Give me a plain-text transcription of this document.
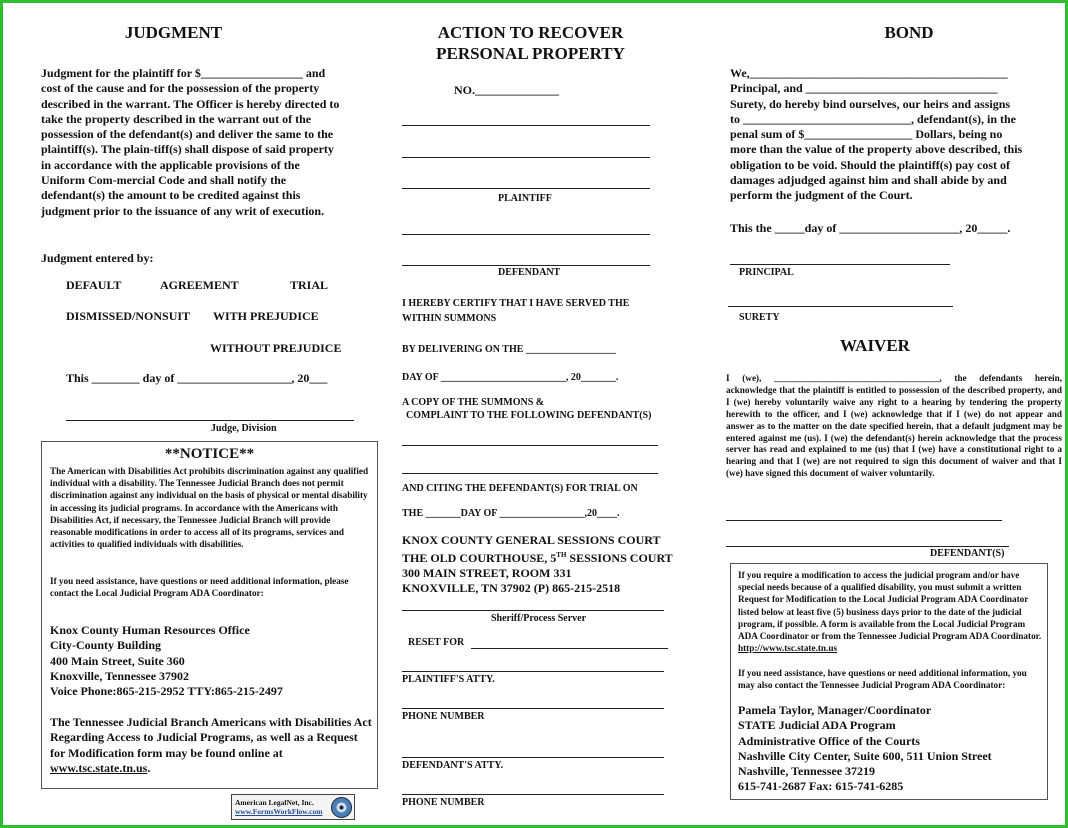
JUDGMENT
Judgment for the plaintiff for $_________________ and cost of the cause and for the possession of the property described in the warrant. The Officer is hereby directed to take the property described in the warrant out of the possession of the defendant(s) and deliver the same to the plaintiff(s). The plain-tiff(s) shall dispose of said property in accordance with the applicable provisions of the Uniform Com-mercial Code and shall notify the defendant(s) the amount to be credited against this judgment prior to the issuance of any writ of execution.
Judgment entered by:
DEFAULT	AGREEMENT	TRIAL
DISMISSED/NONSUIT WITH PREJUDICE
WITHOUT PREJUDICE
This ________ day of ___________________, 20___
Judge, Division
**NOTICE**
The American with Disabilities Act prohibits discrimination against any qualified individual with a disability. The Tennessee Judicial Branch does not permit discrimination against any individual on the basis of physical or mental disability in accessing its judicial programs. In accordance with the Americans with Disabilities Act, if necessary, the Tennessee Judicial Branch will provide reasonable modifications in order to access all of its programs, services and activities to qualified individuals with disabilities.
If you need assistance, have questions or need additional information, please contact the Local Judicial Program ADA Coordinator:
Knox County Human Resources Office
City-County Building
400 Main Street, Suite 360
Knoxville, Tennessee 37902
Voice Phone:865-215-2952 TTY:865-215-2497
The Tennessee Judicial Branch Americans with Disabilities Act Regarding Access to Judicial Programs, as well as a Request for Modification form may be found online at www.tsc.state.tn.us.
American LegalNet, Inc.
www.FormsWorkFlow.com
ACTION TO RECOVER
PERSONAL PROPERTY
NO.______________
PLAINTIFF
DEFENDANT
I HEREBY CERTIFY THAT I HAVE SERVED THE WITHIN SUMMONS
BY DELIVERING ON THE __________________
DAY OF _________________________, 20_______.
A COPY OF THE SUMMONS &
COMPLAINT TO THE FOLLOWING DEFENDANT(S)
AND CITING THE DEFENDANT(S) FOR TRIAL ON
THE _______DAY OF _________________,20____.
KNOX COUNTY GENERAL SESSIONS COURT
THE OLD COURTHOUSE, 5TH SESSIONS COURT
300 MAIN STREET, ROOM 331
KNOXVILLE, TN 37902 (P) 865-215-2518
Sheriff/Process Server
RESET FOR
PLAINTIFF'S ATTY.
PHONE NUMBER
DEFENDANT'S ATTY.
PHONE NUMBER
BOND
We,___________________________________________
Principal, and ________________________________
Surety, do hereby bind ourselves, our heirs and assigns
to ____________________________, defendant(s), in the
penal sum of $__________________ Dollars, being no
more than the value of the property above described, this
obligation to be void. Should the plaintiff(s) pay cost of
damages adjudged against him and shall abide by and
perform the judgment of the Court.
This the _____day of ____________________, 20_____.
PRINCIPAL
SURETY
WAIVER
I (we), ____________________________________, the defendants herein, acknowledge that the plaintiff is entitled to possession of the described property, and I (we) hereby voluntarily waive any right to a hearing by tendering the property herewith to the officer, and I (we) acknowledge that if I (we) do not appear and answer as to the matter on the date specified herein, that a default judgment may be entered against me (us). I (we) the defendant(s) herein acknowledge that the process server has read and explained to me (us) that I (we) have a constitutional right to a hearing and that I (we) are not required to sign this document of waiver and that I (we) have signed this document of waiver voluntarily.
DEFENDANT(S)
If you require a modification to access the judicial program and/or have special needs because of a qualified disability, you must submit a written Request for Modification to the Local Judicial Program ADA Coordinator listed below at least five (5) business days prior to the date of the judicial program, if possible. A form is available from the Local Judicial Program ADA Coordinator or from the Tennessee Judicial Program ADA Coordinator. http://www.tsc.state.tn.us
If you need assistance, have questions or need additional information, you may also contact the Tennessee Judicial Program ADA Coordinator:
Pamela Taylor, Manager/Coordinator
STATE Judicial ADA Program
Administrative Office of the Courts
Nashville City Center, Suite 600, 511 Union Street
Nashville, Tennessee 37219
615-741-2687 Fax: 615-741-6285
